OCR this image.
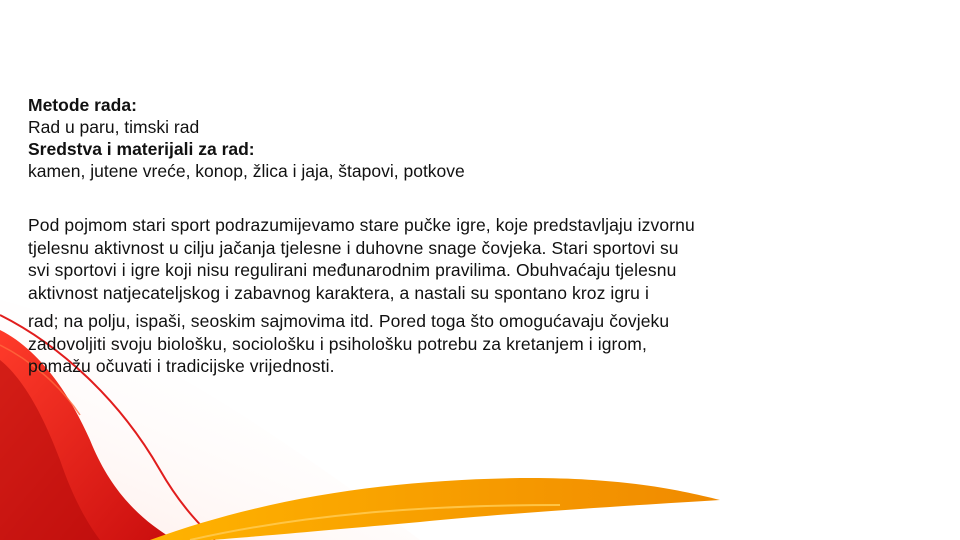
Metode rada:
Rad u paru, timski rad
Sredstva i materijali za rad:
kamen, jutene vreće, konop, žlica i jaja, štapovi, potkove
Pod pojmom stari sport podrazumijevamo stare pučke igre, koje predstavljaju izvornu
tjelesnu aktivnost u cilju jačanja tjelesne i duhovne snage čovjeka. Stari sportovi su
svi sportovi i igre koji nisu regulirani međunarodnim pravilima. Obuhvaćaju tjelesnu
aktivnost natjecateljskog i zabavnog karaktera, a nastali su spontano kroz igru i
rad; na polju, ispaši, seoskim sajmovima itd. Pored toga što omogućavaju čovjeku
zadovoljiti svoju biološku, sociološku i psihološku potrebu za kretanjem i igrom,
pomažu očuvati i tradicijske vrijednosti.
